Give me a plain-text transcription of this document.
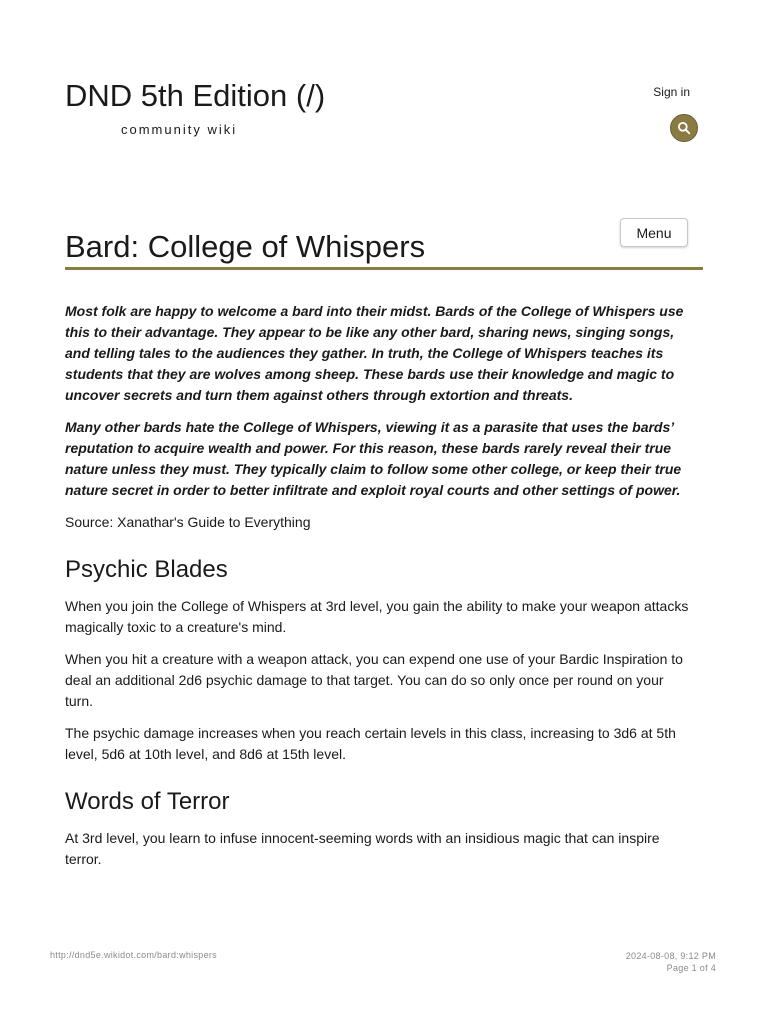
DND 5th Edition (/)
community wiki
Sign in
Menu
Bard: College of Whispers

Most folk are happy to welcome a bard into their midst. Bards of the College of Whispers use this to their advantage. They appear to be like any other bard, sharing news, singing songs, and telling tales to the audiences they gather. In truth, the College of Whispers teaches its students that they are wolves among sheep. These bards use their knowledge and magic to uncover secrets and turn them against others through extortion and threats.

Many other bards hate the College of Whispers, viewing it as a parasite that uses the bards’ reputation to acquire wealth and power. For this reason, these bards rarely reveal their true nature unless they must. They typically claim to follow some other college, or keep their true nature secret in order to better infiltrate and exploit royal courts and other settings of power.

Source: Xanathar's Guide to Everything

Psychic Blades

When you join the College of Whispers at 3rd level, you gain the ability to make your weapon attacks magically toxic to a creature's mind.

When you hit a creature with a weapon attack, you can expend one use of your Bardic Inspiration to deal an additional 2d6 psychic damage to that target. You can do so only once per round on your turn.

The psychic damage increases when you reach certain levels in this class, increasing to 3d6 at 5th level, 5d6 at 10th level, and 8d6 at 15th level.

Words of Terror

At 3rd level, you learn to infuse innocent-seeming words with an insidious magic that can inspire terror.

http://dnd5e.wikidot.com/bard:whispers	2024-08-08, 9:12 PM
Page 1 of 4
